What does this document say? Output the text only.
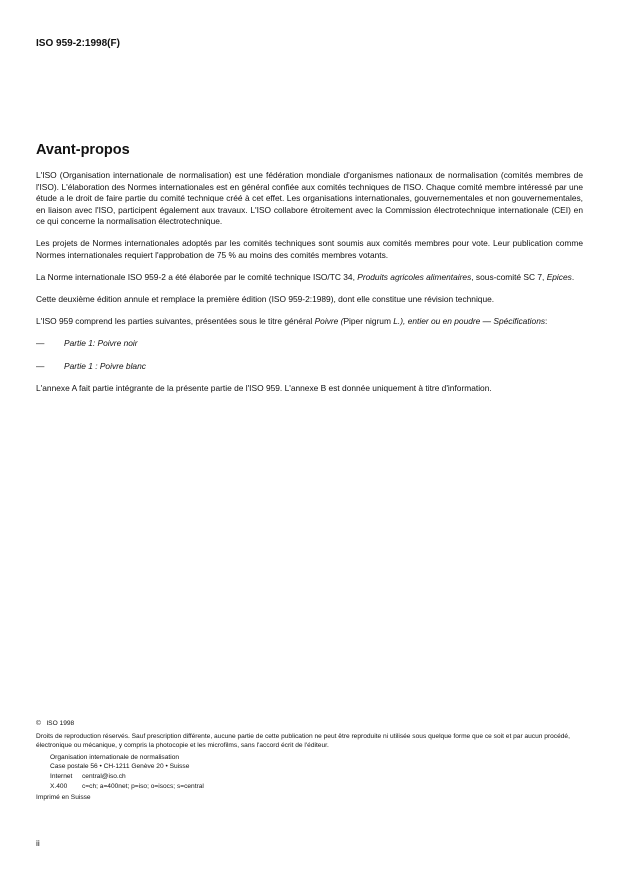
ISO 959-2:1998(F)
Avant-propos

L'ISO (Organisation internationale de normalisation) est une fédération mondiale d'organismes nationaux de normalisation (comités membres de l'ISO). L'élaboration des Normes internationales est en général confiée aux comités techniques de l'ISO. Chaque comité membre intéressé par une étude a le droit de faire partie du comité technique créé à cet effet. Les organisations internationales, gouvernementales et non gouvernementales, en liaison avec l'ISO, participent également aux travaux. L'ISO collabore étroitement avec la Commission électrotechnique internationale (CEI) en ce qui concerne la normalisation électrotechnique.

Les projets de Normes internationales adoptés par les comités techniques sont soumis aux comités membres pour vote. Leur publication comme Normes internationales requiert l'approbation de 75 % au moins des comités membres votants.

La Norme internationale ISO 959-2 a été élaborée par le comité technique ISO/TC 34, Produits agricoles alimentaires, sous-comité SC 7, Epices.

Cette deuxième édition annule et remplace la première édition (ISO 959-2:1989), dont elle constitue une révision technique.

L'ISO 959 comprend les parties suivantes, présentées sous le titre général Poivre (Piper nigrum L.), entier ou en poudre — Spécifications:

—	Partie 1: Poivre noir

—	Partie 1 : Poivre blanc

L'annexe A fait partie intégrante de la présente partie de l'ISO 959. L'annexe B est donnée uniquement à titre d'information.

©   ISO 1998
Droits de reproduction réservés. Sauf prescription différente, aucune partie de cette publication ne peut être reproduite ni utilisée sous quelque forme que ce soit et par aucun procédé, électronique ou mécanique, y compris la photocopie et les microfilms, sans l'accord écrit de l'éditeur.
Organisation internationale de normalisation
Case postale 56 • CH-1211 Genève 20 • Suisse
Internet central@iso.ch
X.400 c=ch; a=400net; p=iso; o=isocs; s=central
Imprimé en Suisse
ii
